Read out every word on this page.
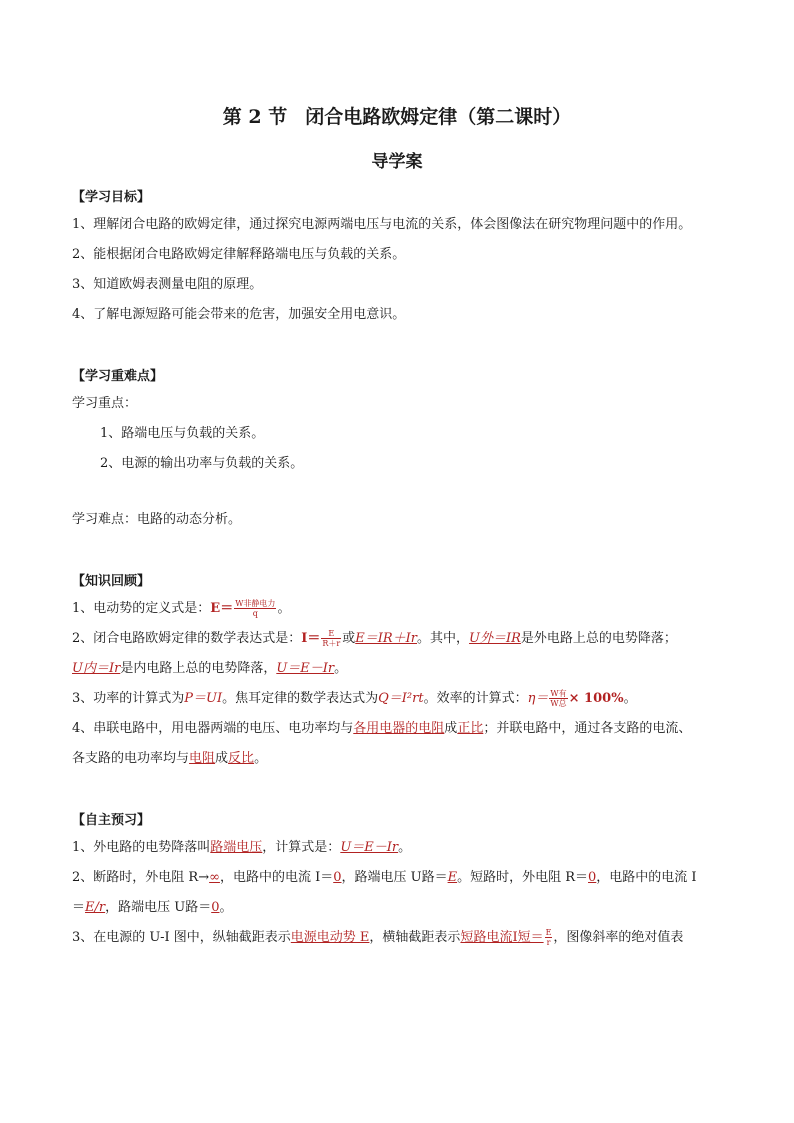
第 2 节 闭合电路欧姆定律（第二课时）
导学案
【学习目标】
1、理解闭合电路的欧姆定律，通过探究电源两端电压与电流的关系，体会图像法在研究物理问题中的作用。
2、能根据闭合电路欧姆定律解释路端电压与负载的关系。
3、知道欧姆表测量电阻的原理。
4、了解电源短路可能会带来的危害，加强安全用电意识。
【学习重难点】
学习重点：
1、路端电压与负载的关系。
2、电源的输出功率与负载的关系。
学习难点：电路的动态分析。
【知识回顾】
1、电动势的定义式是：$E= \frac{\text{W非静电力}}{q}$ 。
2、闭合电路欧姆定律的数学表达式是：$I= \frac{E}{R+r}$ 或E＝IR＋Ir。其中，U外＝IR是外电路上总的电势降落；
U内＝Ir是内电路上总的电势降落，U＝E－Ir。
3、功率的计算式为P＝UI。焦耳定律的数学表达式为Q＝I²rt。效率的计算式：$\eta= \frac{\text{W有}}{\text{W总}} \times 100\%$。
4、串联电路中，用电器两端的电压、电功率均与各用电器的电阻成正比；并联电路中，通过各支路的电流、
各支路的电功率均与电阻成反比。
【自主预习】
1、外电路的电势降落叫路端电压，计算式是：U＝E－Ir。
2、断路时，外电阻 R→∞，电路中的电流 I＝0，路端电压 U路＝E。短路时，外电阻 R＝0，电路中的电流 I
＝E/r，路端电压 U路＝0。
3、在电源的 U-I 图中，纵轴截距表示电源电动势 E，横轴截距表示短路电流I短＝ $\frac{E}{r}$ ，图像斜率的绝对值表
